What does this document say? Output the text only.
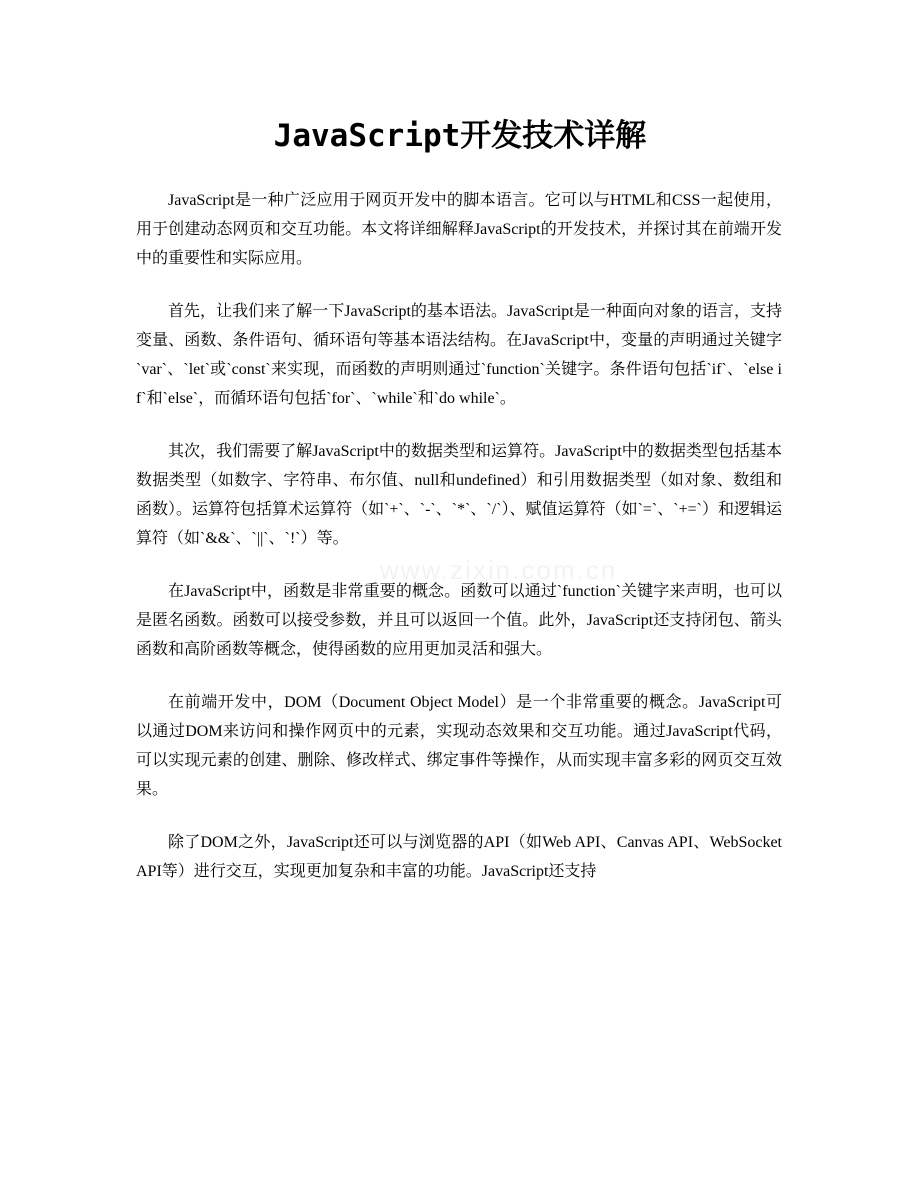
www.zixin.com.cn
JavaScript开发技术详解

JavaScript是一种广泛应用于网页开发中的脚本语言。它可以与HTML和CSS一起使用，用于创建动态网页和交互功能。本文将详细解释JavaScript的开发技术，并探讨其在前端开发中的重要性和实际应用。

首先，让我们来了解一下JavaScript的基本语法。JavaScript是一种面向对象的语言，支持变量、函数、条件语句、循环语句等基本语法结构。在JavaScript中，变量的声明通过关键字`var`、`let`或`const`来实现，而函数的声明则通过`function`关键字。条件语句包括`if`、`else if`和`else`，而循环语句包括`for`、`while`和`do while`。

其次，我们需要了解JavaScript中的数据类型和运算符。JavaScript中的数据类型包括基本数据类型（如数字、字符串、布尔值、null和undefined）和引用数据类型（如对象、数组和函数）。运算符包括算术运算符（如`+`、`-`、`*`、`/`）、赋值运算符（如`=`、`+=`）和逻辑运算符（如`&&`、`||`、`!`）等。

在JavaScript中，函数是非常重要的概念。函数可以通过`function`关键字来声明，也可以是匿名函数。函数可以接受参数，并且可以返回一个值。此外，JavaScript还支持闭包、箭头函数和高阶函数等概念，使得函数的应用更加灵活和强大。

在前端开发中，DOM（Document Object Model）是一个非常重要的概念。JavaScript可以通过DOM来访问和操作网页中的元素，实现动态效果和交互功能。通过JavaScript代码，可以实现元素的创建、删除、修改样式、绑定事件等操作，从而实现丰富多彩的网页交互效果。

除了DOM之外，JavaScript还可以与浏览器的API（如Web API、Canvas API、WebSocket API等）进行交互，实现更加复杂和丰富的功能。JavaScript还支持
